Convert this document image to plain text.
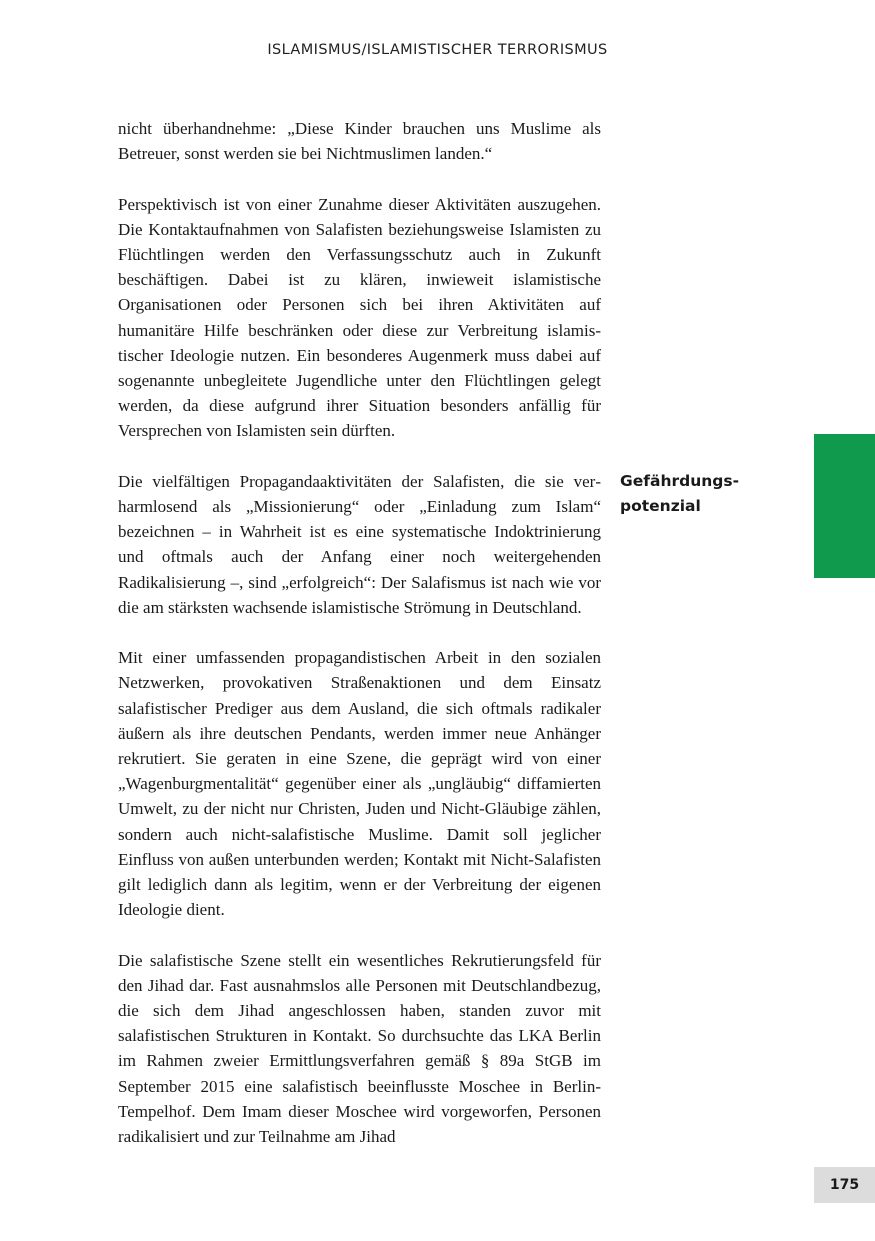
ISLAMISMUS/ISLAMISTISCHER TERRORISMUS

nicht überhandnehme: „Diese Kinder brauchen uns Muslime als Betreuer, sonst werden sie bei Nichtmuslimen landen.“

Perspektivisch ist von einer Zunahme dieser Aktivitäten auszugehen. Die Kontaktaufnahmen von Salafisten beziehungsweise Islamisten zu Flüchtlingen werden den Verfassungsschutz auch in Zukunft beschäftigen. Dabei ist zu klären, inwieweit islamistische Organisationen oder Personen sich bei ihren Aktivitäten auf humanitäre Hilfe beschränken oder diese zur Verbreitung islamistischer Ideologie nutzen. Ein besonderes Augenmerk muss dabei auf sogenannte unbegleitete Jugendliche unter den Flüchtlingen gelegt werden, da diese aufgrund ihrer Situation besonders anfällig für Versprechen von Islamisten sein dürften.

Die vielfältigen Propagandaaktivitäten der Salafisten, die sie verharmlosend als „Missionierung“ oder „Einladung zum Islam“ bezeichnen – in Wahrheit ist es eine systematische Indoktrinierung und oftmals auch der Anfang einer noch weitergehenden Radikalisierung –, sind „erfolgreich“: Der Salafismus ist nach wie vor die am stärksten wachsende islamistische Strömung in Deutschland.

Mit einer umfassenden propagandistischen Arbeit in den sozialen Netzwerken, provokativen Straßenaktionen und dem Einsatz salafistischer Prediger aus dem Ausland, die sich oftmals radikaler äußern als ihre deutschen Pendants, werden immer neue Anhänger rekrutiert. Sie geraten in eine Szene, die geprägt wird von einer „Wagenburgmentalität“ gegenüber einer als „ungläubig“ diffamierten Umwelt, zu der nicht nur Christen, Juden und Nicht-Gläubige zählen, sondern auch nicht-salafistische Muslime. Damit soll jeglicher Einfluss von außen unterbunden werden; Kontakt mit Nicht-Salafisten gilt lediglich dann als legitim, wenn er der Verbreitung der eigenen Ideologie dient.

Die salafistische Szene stellt ein wesentliches Rekrutierungsfeld für den Jihad dar. Fast ausnahmslos alle Personen mit Deutschlandbezug, die sich dem Jihad angeschlossen haben, standen zuvor mit salafistischen Strukturen in Kontakt. So durchsuchte das LKA Berlin im Rahmen zweier Ermittlungsverfahren gemäß § 89a StGB im September 2015 eine salafistisch beeinflusste Moschee in Berlin-Tempelhof. Dem Imam dieser Moschee wird vorgeworfen, Personen radikalisiert und zur Teilnahme am Jihad

Gefährdungs-
potenzial
175
